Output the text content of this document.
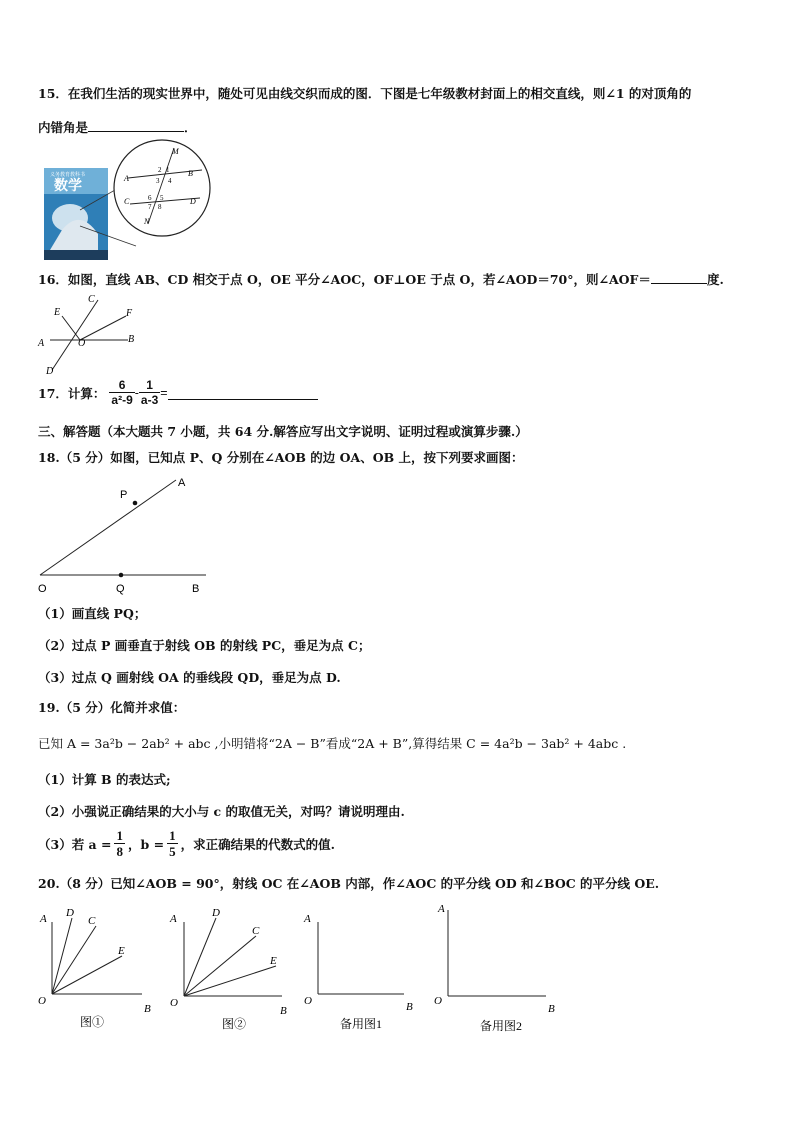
15．在我们生活的现实世界中，随处可见由线交织而成的图．下图是七年级教材封面上的相交直线，则∠1 的对顶角的
内错角是	．
义务教育教科书
数学
M
A
B
C	D
N
2 1
3 4
6 5
7 8
16．如图，直线 AB、CD 相交于点 O，OE 平分∠AOC，OF⊥OE 于点 O，若∠AOD＝70°，则∠AOF＝	度.
C
E	F
A	O	B
D
17．计算： $\frac{6}{\text{a²-9}} - \frac{1}{a-3}$ =
三、解答题（本大题共 7 小题，共 64 分.解答应写出文字说明、证明过程或演算步骤.）
18.（5 分）如图，已知点 P、Q 分别在∠AOB 的边 OA、OB 上，按下列要求画图：
P
A
O	Q	B
（1）画直线 PQ；
（2）过点 P 画垂直于射线 OB 的射线 PC，垂足为点 C；
（3）过点 Q 画射线 OA 的垂线段 QD，垂足为点 D.
19.（5 分）化简并求值：
已知 A = 3a²b − 2ab² + abc ,小明错将“2A − B”看成“2A + B”,算得结果 C = 4a²b − 3ab² + 4abc .
（1）计算 B 的表达式;
（2）小强说正确结果的大小与 c 的取值无关，对吗？请说明理由.
（3）若 $a = \frac{1}{8}$ ，$b = \frac{1}{5}$ ，求正确结果的代数式的值.
20.（8 分）已知∠AOB = 90°，射线 OC 在∠AOB 内部，作∠AOC 的平分线 OD 和∠BOC 的平分线 OE.
A D
C
E
O
B
图①
A	D
C
E
O
B
图②
A
O	B
备用图1
A
O
B
备用图2
